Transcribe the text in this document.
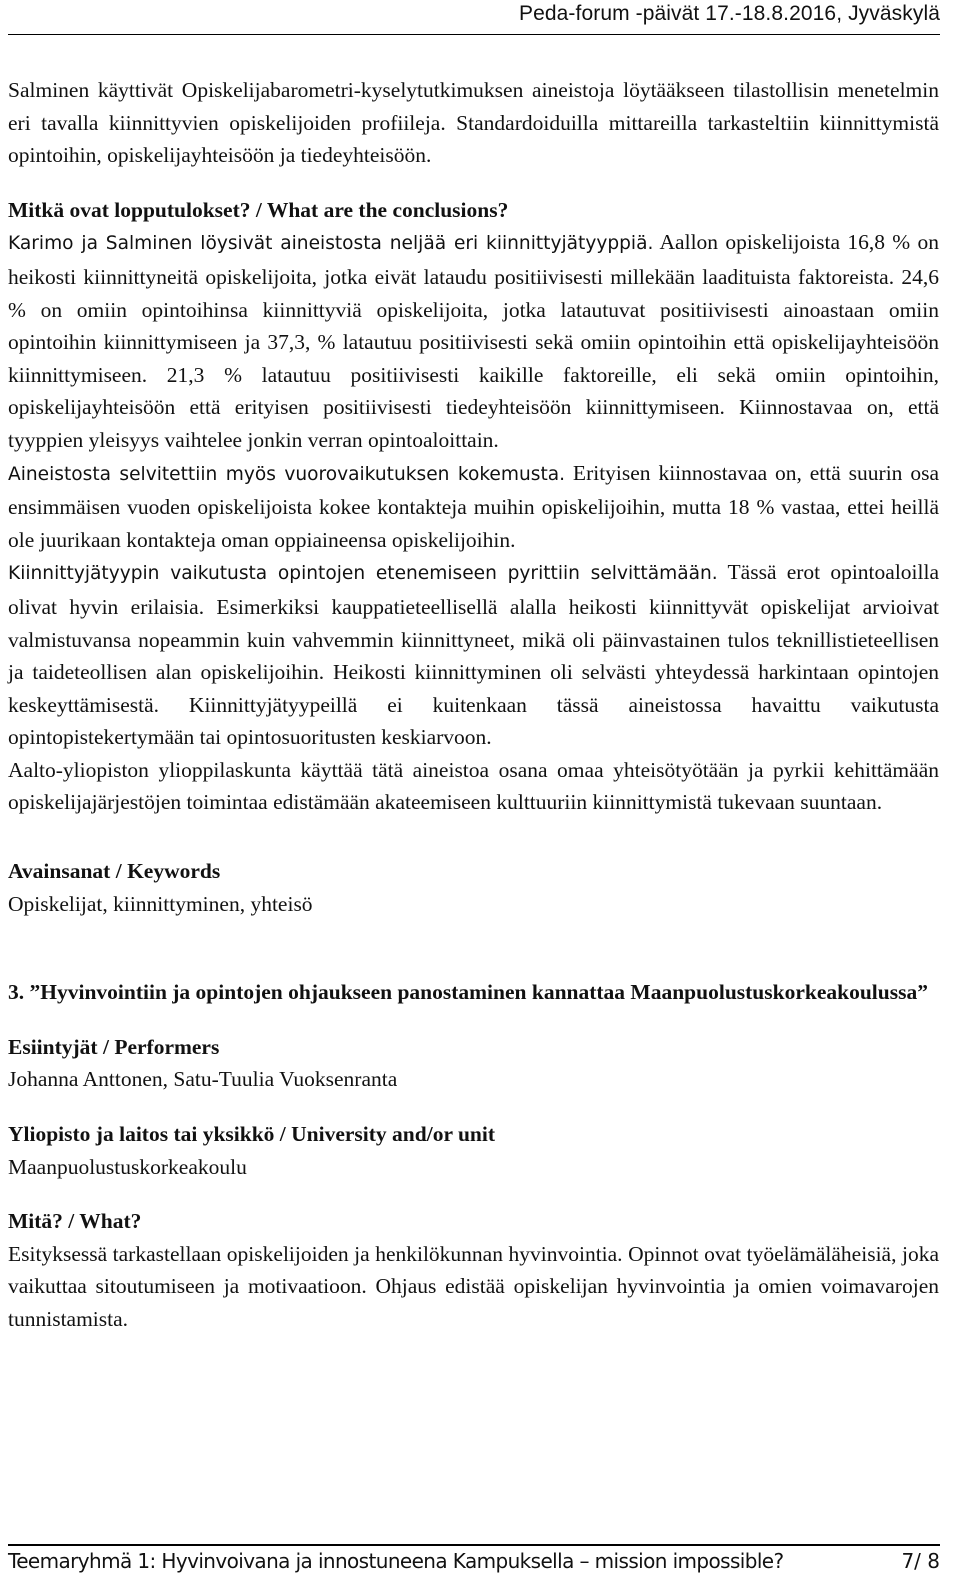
Peda-forum -päivät 17.-18.8.2016, Jyväskylä

Salminen käyttivät Opiskelijabarometri-kyselytutkimuksen aineistoja löytääkseen tilastollisin menetelmin eri tavalla kiinnittyvien opiskelijoiden profiileja. Standardoiduilla mittareilla tarkasteltiin kiinnittymistä opintoihin, opiskelijayhteisöön ja tiedeyhteisöön.

Mitkä ovat lopputulokset? / What are the conclusions?

Karimo ja Salminen löysivät aineistosta neljää eri kiinnittyjätyyppiä. Aallon opiskelijoista 16,8 % on heikosti kiinnittyneitä opiskelijoita, jotka eivät lataudu positiivisesti millekään laadituista faktoreista. 24,6 % on omiin opintoihinsa kiinnittyviä opiskelijoita, jotka latautuvat positiivisesti ainoastaan omiin opintoihin kiinnittymiseen ja 37,3, % latautuu positiivisesti sekä omiin opintoihin että opiskelijayhteisöön kiinnittymiseen. 21,3 % latautuu positiivisesti kaikille faktoreille, eli sekä omiin opintoihin, opiskelijayhteisöön että erityisen positiivisesti tiedeyhteisöön kiinnittymiseen. Kiinnostavaa on, että tyyppien yleisyys vaihtelee jonkin verran opintoaloittain.

Aineistosta selvitettiin myös vuorovaikutuksen kokemusta. Erityisen kiinnostavaa on, että suurin osa ensimmäisen vuoden opiskelijoista kokee kontakteja muihin opiskelijoihin, mutta 18 % vastaa, ettei heillä ole juurikaan kontakteja oman oppiaineensa opiskelijoihin.

Kiinnittyjätyypin vaikutusta opintojen etenemiseen pyrittiin selvittämään. Tässä erot opintoaloilla olivat hyvin erilaisia. Esimerkiksi kauppatieteellisellä alalla heikosti kiinnittyvät opiskelijat arvioivat valmistuvansa nopeammin kuin vahvemmin kiinnittyneet, mikä oli päinvastainen tulos teknillistieteellisen ja taideteollisen alan opiskelijoihin. Heikosti kiinnittyminen oli selvästi yhteydessä harkintaan opintojen keskeyttämisestä. Kiinnittyjätyypeillä ei kuitenkaan tässä aineistossa havaittu vaikutusta opintopistekertymään tai opintosuoritusten keskiarvoon.

Aalto-yliopiston ylioppilaskunta käyttää tätä aineistoa osana omaa yhteisötyötään ja pyrkii kehittämään opiskelijajärjestöjen toimintaa edistämään akateemiseen kulttuuriin kiinnittymistä tukevaan suuntaan.

Avainsanat / Keywords

Opiskelijat, kiinnittyminen, yhteisö

3. ”Hyvinvointiin ja opintojen ohjaukseen panostaminen kannattaa Maanpuolustuskorkeakoulussa”
Esiintyjät / Performers

Johanna Anttonen, Satu-Tuulia Vuoksenranta

Yliopisto ja laitos tai yksikkö / University and/or unit

Maanpuolustuskorkeakoulu

Mitä? / What?

Esityksessä tarkastellaan opiskelijoiden ja henkilökunnan hyvinvointia. Opinnot ovat työelämäläheisiä, joka vaikuttaa sitoutumiseen ja motivaatioon. Ohjaus edistää opiskelijan hyvinvointia ja omien voimavarojen tunnistamista.

Teemaryhmä 1: Hyvinvoivana ja innostuneena Kampuksella – mission impossible?	7/ 8
